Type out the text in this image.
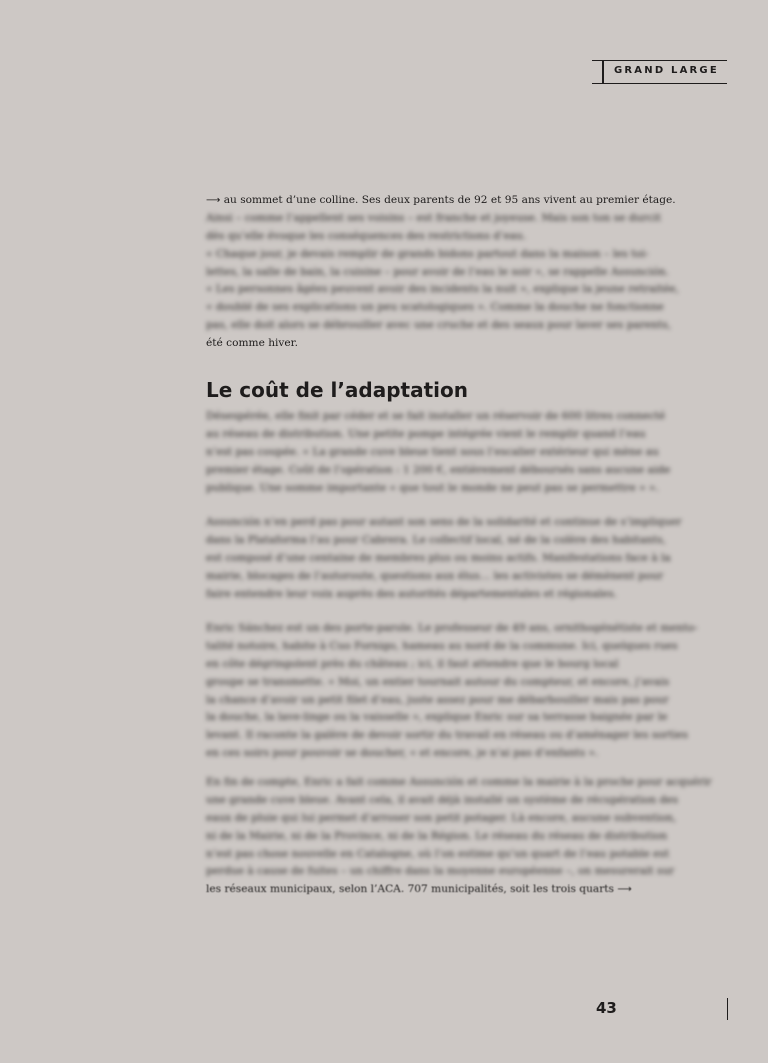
GRAND LARGE

⟶ au sommet d’une colline. Ses deux parents de 92 et 95 ans vivent au premier étage.
Ainsi – comme l’appellent ses voisins – est franche et joyeuse. Mais son ton se durcit
dès qu’elle évoque les conséquences des restrictions d’eau.
« Chaque jour, je devais remplir de grands bidons partout dans la maison – les toi-
lettes, la salle de bain, la cuisine – pour avoir de l’eau le soir », se rappelle Assunción.
« Les personnes âgées peuvent avoir des incidents la nuit », explique la jeune retraitée,
« doublé de ses explications un peu scatologiques ». Comme la douche ne fonctionne
pas, elle doit alors se débrouiller avec une cruche et des seaux pour laver ses parents,
été comme hiver.

Le coût de l’adaptation

Désespérée, elle finit par céder et se fait installer un réservoir de 600 litres connecté
au réseau de distribution. Une petite pompe intégrée vient le remplir quand l’eau
n’est pas coupée. « La grande cuve bleue tient sous l’escalier extérieur qui mène au
premier étage. Coût de l’opération : 1 200 €, entièrement déboursés sans aucune aide
publique. Une somme importante « que tout le monde ne peut pas se permettre » ».

Assunción n’en perd pas pour autant son sens de la solidarité et continue de s’impliquer
dans la Plataforma l’au pour Cabrera. Le collectif local, né de la colère des habitants,
est composé d’une centaine de membres plus ou moins actifs. Manifestations face à la
mairie, blocages de l’autoroute, questions aux élus… les activistes se démènent pour
faire entendre leur voix auprès des autorités départementales et régionales.

Enric Sánchez est un des porte-parole. Le professeur de 49 ans, ornithogénétiste et mento-
talité notoire, habite à Cuo Fornigo, hameau au nord de la commune. Ici, quelques rues
en côte dégringolent près du château ; ici, il faut attendre que le bourg local
groupe se transmette. « Moi, un entier tournait autour du compteur, et encore, j’avais
la chance d’avoir un petit filet d’eau, juste assez pour me débarbouiller mais pas pour
la douche, la lave-linge ou la vaisselle », explique Enric sur sa terrasse baignée par le
levant. Il raconte la galère de devoir sortir du travail en réseau ou d’aménager les sorties
en ces soirs pour pouvoir se doucher, « et encore, je n’ai pas d’enfants ».

En fin de compte, Enric a fait comme Assunción et comme la mairie à la proche pour acquérir
une grande cuve bleue. Avant cela, il avait déjà installé un système de récupération des
eaux de pluie qui lui permet d’arroser son petit potager. Là encore, aucune subvention,
ni de la Mairie, ni de la Province, ni de la Région. Le réseau du réseau de distribution
n’est pas chose nouvelle en Catalogne, où l’on estime qu’un quart de l’eau potable est
perdue à cause de fuites – un chiffre dans la moyenne européenne –, on mesurerait sur
les réseaux municipaux, selon l’ACA. 707 municipalités, soit les trois quarts ⟶

43
